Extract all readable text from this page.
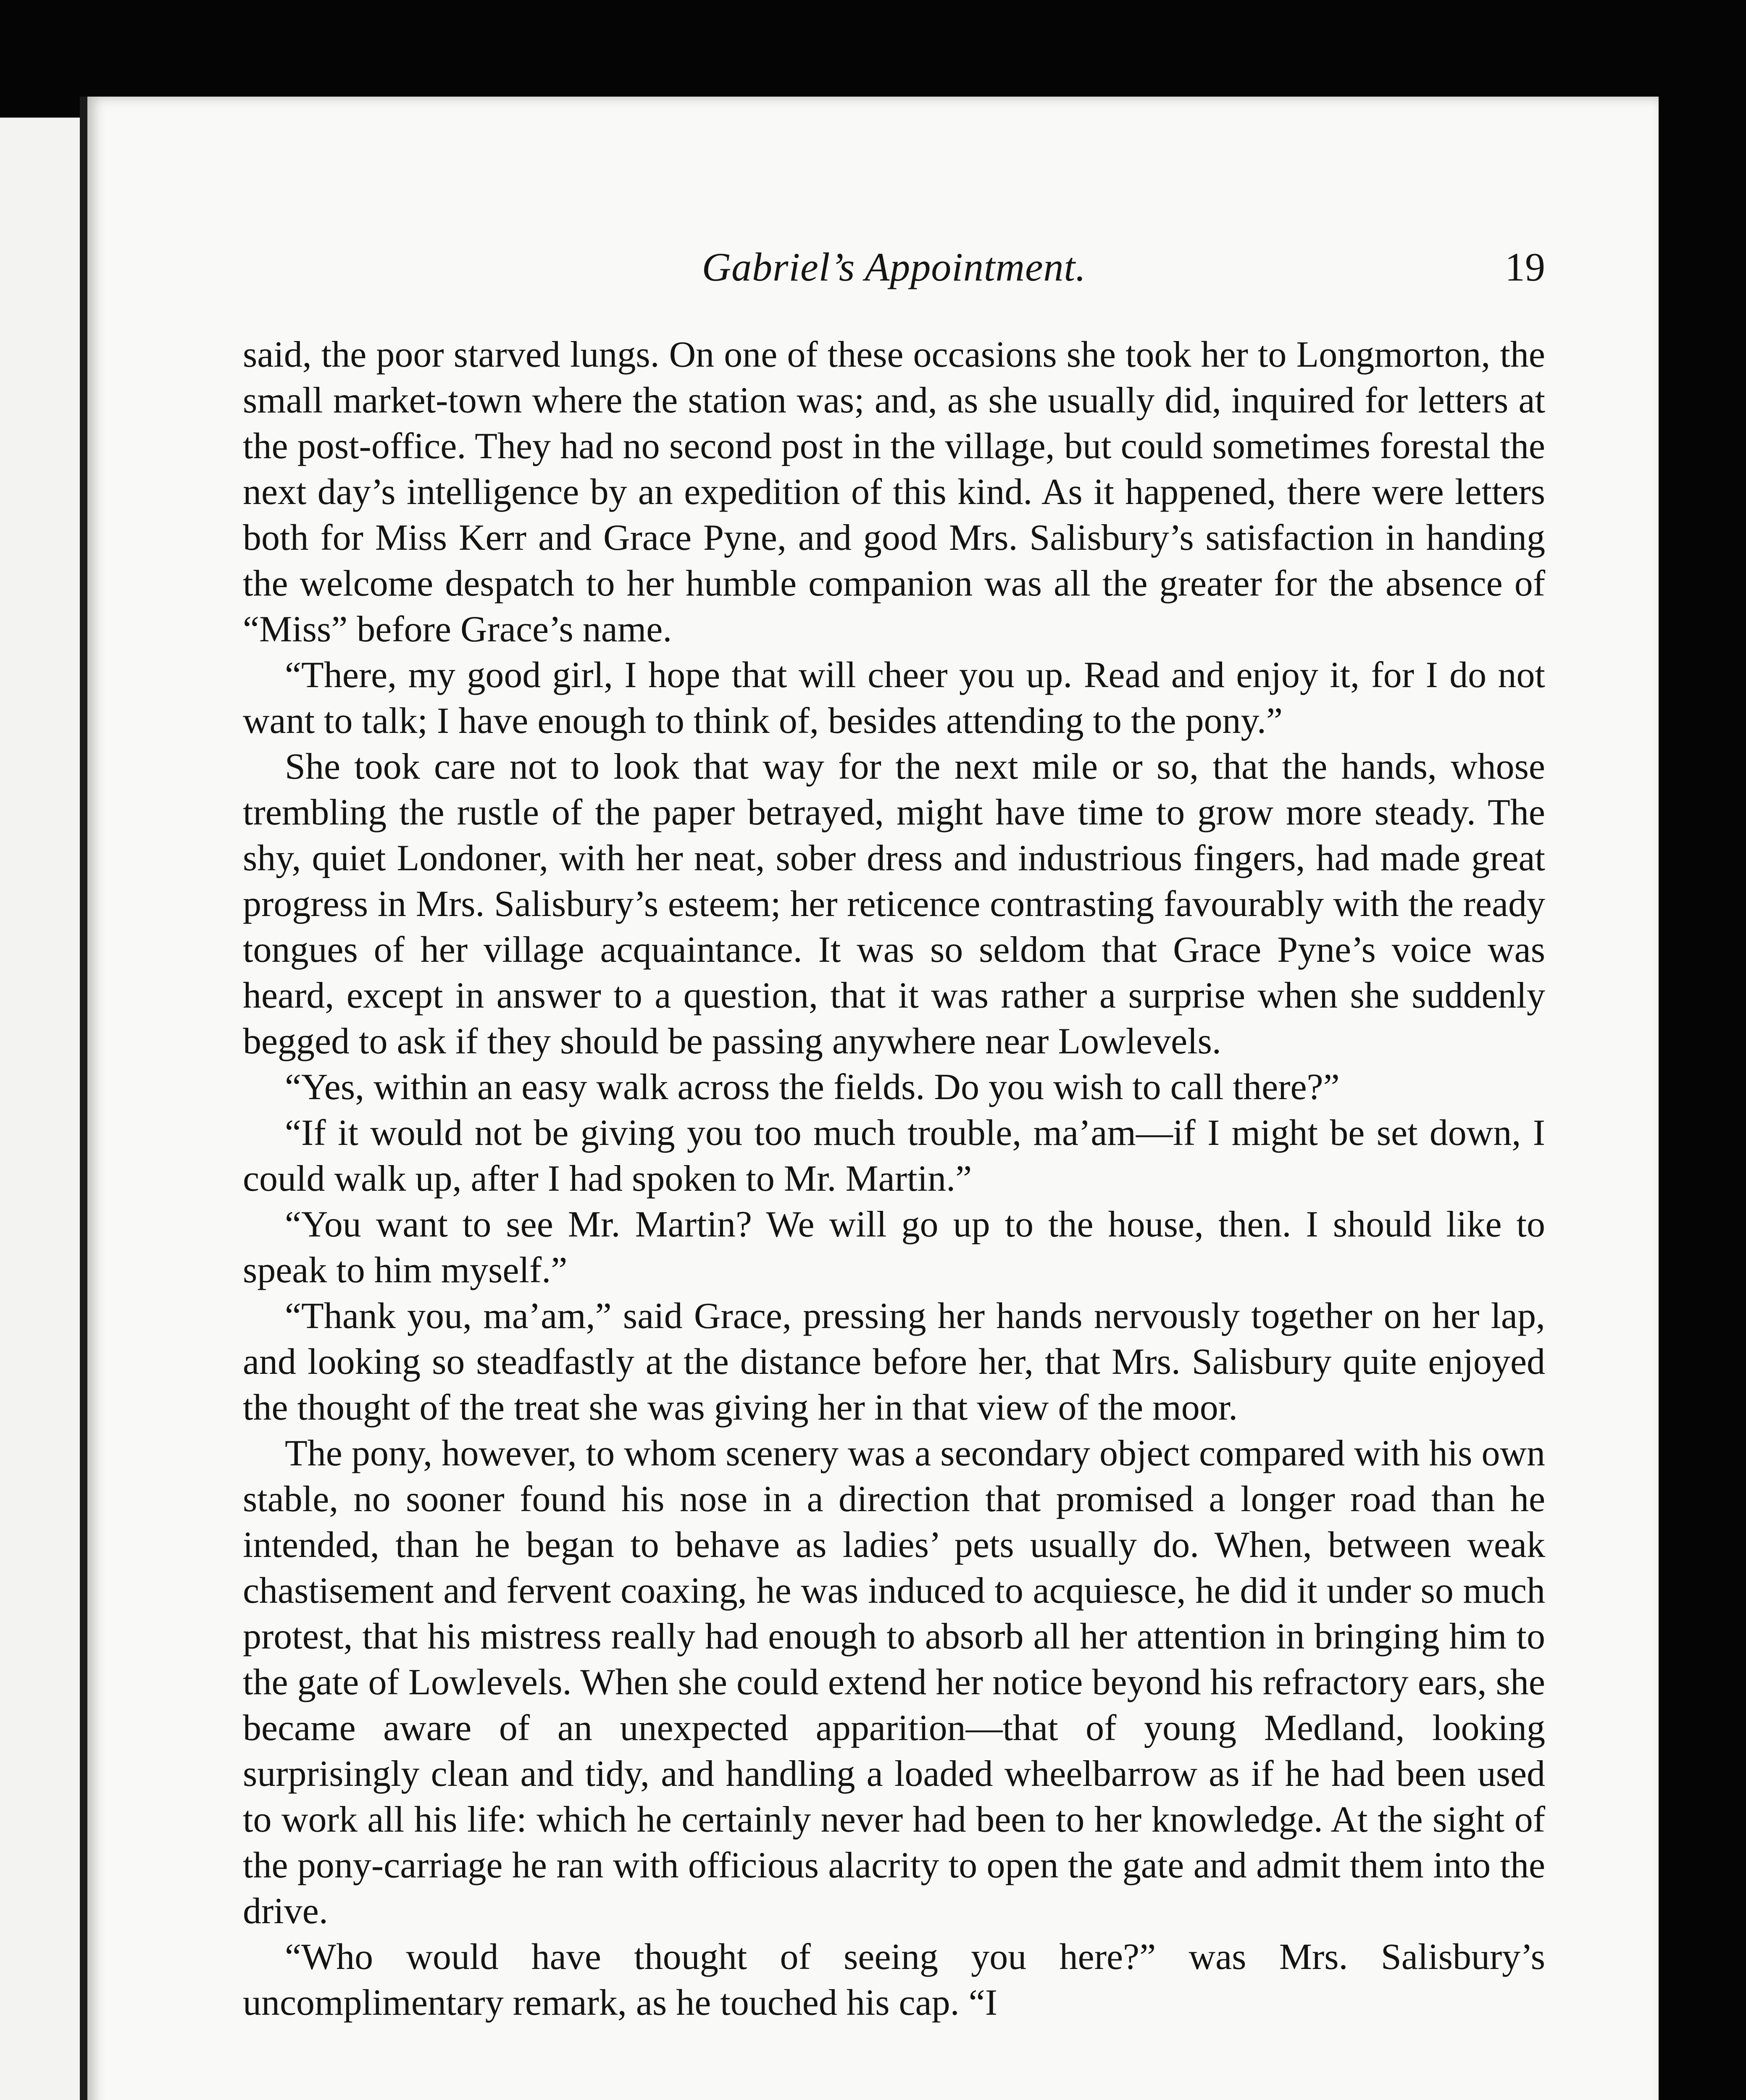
Gabriel’s Appointment.	19

said, the poor starved lungs. On one of these occasions she took her to Longmorton, the small market-town where the station was; and, as she usually did, inquired for letters at the post-office. They had no second post in the village, but could sometimes forestal the next day’s intelligence by an expedition of this kind. As it happened, there were letters both for Miss Kerr and Grace Pyne, and good Mrs. Salisbury’s satisfaction in handing the welcome despatch to her humble companion was all the greater for the absence of “Miss” before Grace’s name.

“There, my good girl, I hope that will cheer you up. Read and enjoy it, for I do not want to talk; I have enough to think of, besides attending to the pony.”

She took care not to look that way for the next mile or so, that the hands, whose trembling the rustle of the paper betrayed, might have time to grow more steady. The shy, quiet Londoner, with her neat, sober dress and industrious fingers, had made great progress in Mrs. Salisbury’s esteem; her reticence contrasting favourably with the ready tongues of her village acquaintance. It was so seldom that Grace Pyne’s voice was heard, except in answer to a question, that it was rather a surprise when she suddenly begged to ask if they should be passing anywhere near Lowlevels.

“Yes, within an easy walk across the fields. Do you wish to call there?”

“If it would not be giving you too much trouble, ma’am—if I might be set down, I could walk up, after I had spoken to Mr. Martin.”

“You want to see Mr. Martin? We will go up to the house, then. I should like to speak to him myself.”

“Thank you, ma’am,” said Grace, pressing her hands nervously together on her lap, and looking so steadfastly at the distance before her, that Mrs. Salisbury quite enjoyed the thought of the treat she was giving her in that view of the moor.

The pony, however, to whom scenery was a secondary object compared with his own stable, no sooner found his nose in a direction that promised a longer road than he intended, than he began to behave as ladies’ pets usually do. When, between weak chastisement and fervent coaxing, he was induced to acquiesce, he did it under so much protest, that his mistress really had enough to absorb all her attention in bringing him to the gate of Lowlevels. When she could extend her notice beyond his refractory ears, she became aware of an unexpected apparition—that of young Medland, looking surprisingly clean and tidy, and handling a loaded wheelbarrow as if he had been used to work all his life: which he certainly never had been to her knowledge. At the sight of the pony-carriage he ran with officious alacrity to open the gate and admit them into the drive.

“Who would have thought of seeing you here?” was Mrs. Salisbury’s uncomplimentary remark, as he touched his cap. “I
